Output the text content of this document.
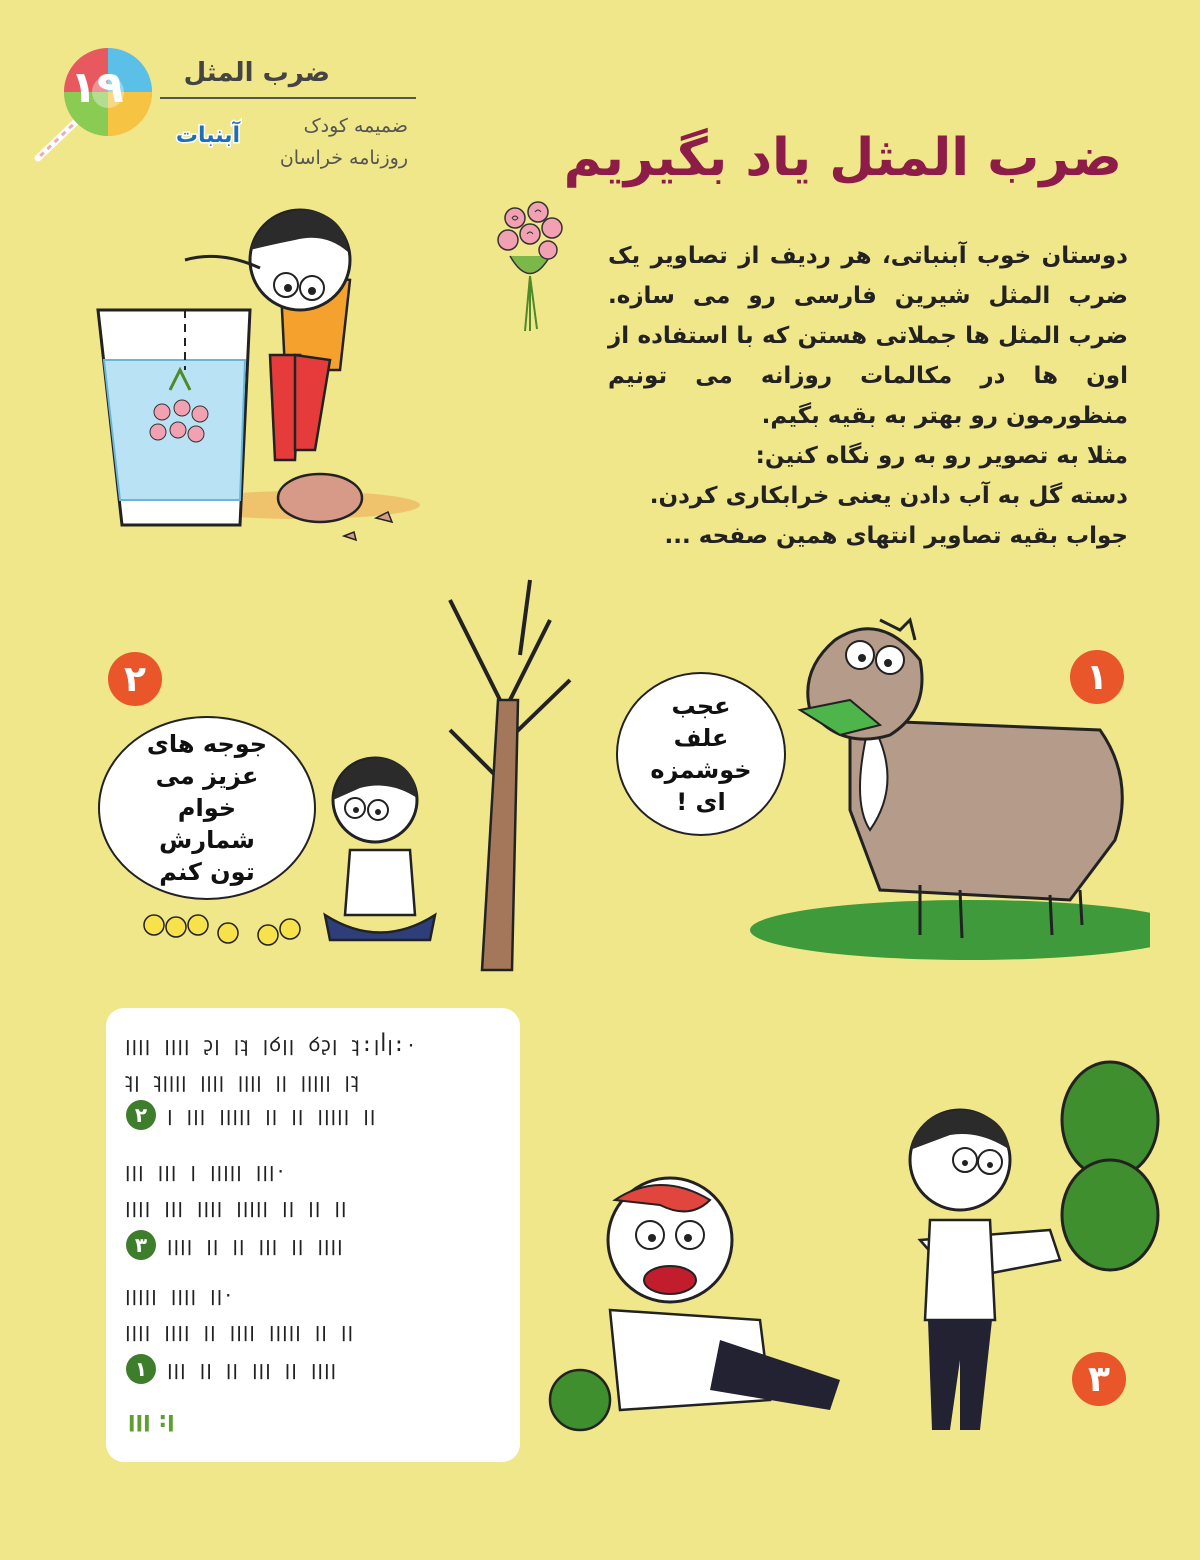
۱۹ ضرب المثل
ضمیمه کودک
روزنامه خراسان
آبنبات	ضرب المثل یاد بگیریم

دوستان خوب آبنباتی، هر ردیف از تصاویر یک ضرب المثل شیرین فارسی رو می سازه. ضرب المثل ها جملاتی هستن که با استفاده از اون ها در مکالمات روزانه می تونیم منظورمون رو بهتر به بقیه بگیم.

مثلا به تصویر رو به رو نگاه کنین:

دسته گل به آب دادن یعنی خرابکاری کردن.

جواب بقیه تصاویر انتهای همین صفحه ...

۱
عجب علف خوشمزه ای !
۲
جوجه های عزیز می خوام شمارش تون کنم
۳
٠꞉ꞁꟾꞁ꞉ꝼ ꞁꞔꝺ ꞁꞁꝺꞁ ꝼꞁ ꞁꞔ ꞁꞁꞁꞁ ꞁꞁꞁꞁ
ꝼꞁ ꞁꞁꞁꞁꞁ ꞁꞁ ꞁꞁꞁꞁ ꞁꞁꞁꞁ ꞁꞁꞁꞁꝼ ꞁꝼ
۲ ꞁꞁ ꞁꞁꞁꞁꞁ ꞁꞁ ꞁꞁ ꞁꞁꞁꞁꞁ ꞁꞁꞁ ꞁ
٠ꞁꞁꞁ ꞁꞁꞁꞁꞁ ꞁ ꞁꞁꞁ ꞁꞁꞁ
ꞁꞁ ꞁꞁ ꞁꞁ ꞁꞁꞁꞁꞁ ꞁꞁꞁꞁ ꞁꞁꞁ ꞁꞁꞁꞁ
۳ ꞁꞁꞁꞁ ꞁꞁ ꞁꞁꞁ ꞁꞁ ꞁꞁ ꞁꞁꞁꞁ
٠ꞁꞁ ꞁꞁꞁꞁ ꞁꞁꞁꞁꞁ
ꞁꞁ ꞁꞁ ꞁꞁꞁꞁꞁ ꞁꞁꞁꞁ ꞁꞁ ꞁꞁꞁꞁ ꞁꞁꞁꞁ
۱ ꞁꞁꞁꞁ ꞁꞁ ꞁꞁꞁ ꞁꞁ ꞁꞁ ꞁꞁꞁ
ꞁ꞉ ꞁꞁꞁ
